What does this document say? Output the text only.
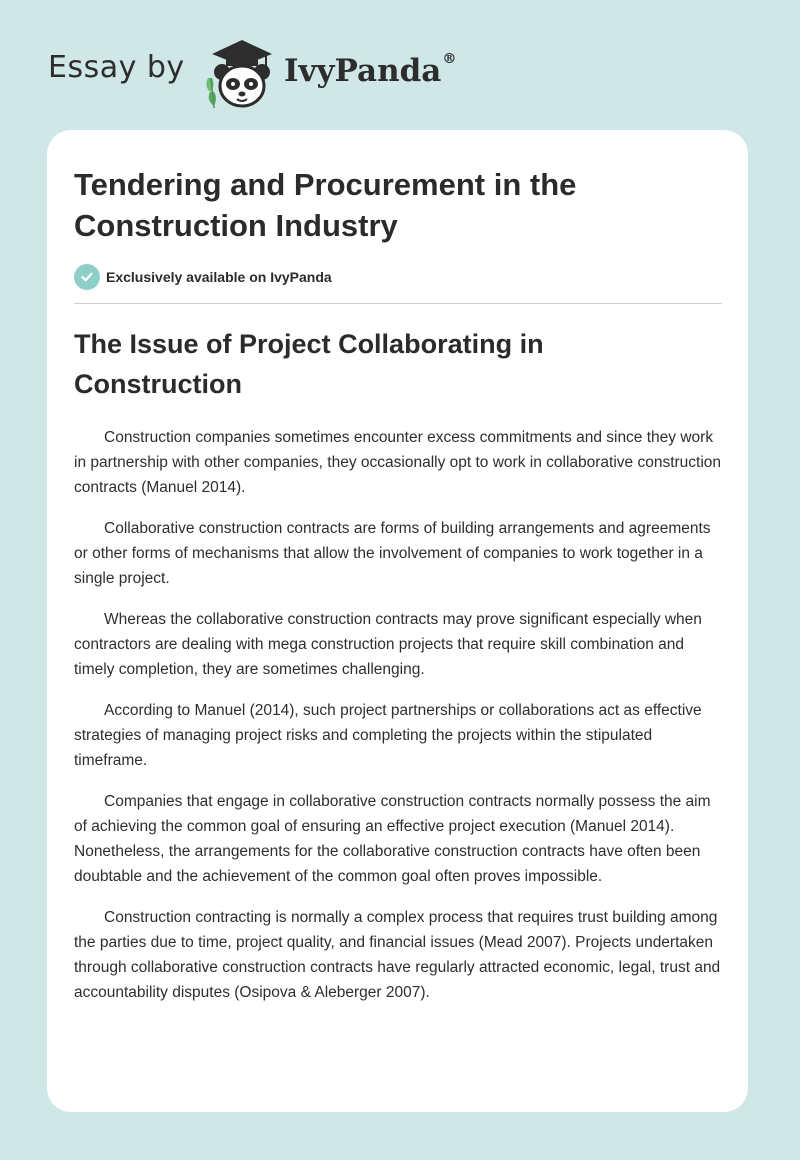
Essay by	IvyPanda®
Tendering and Procurement in the Construction Industry
Exclusively available on IvyPanda
The Issue of Project Collaborating in Construction

Construction companies sometimes encounter excess commitments and since they work in partnership with other companies, they occasionally opt to work in collaborative construction contracts (Manuel 2014).

Collaborative construction contracts are forms of building arrangements and agreements or other forms of mechanisms that allow the involvement of companies to work together in a single project.

Whereas the collaborative construction contracts may prove significant especially when contractors are dealing with mega construction projects that require skill combination and timely completion, they are sometimes challenging.

According to Manuel (2014), such project partnerships or collaborations act as effective strategies of managing project risks and completing the projects within the stipulated timeframe.

Companies that engage in collaborative construction contracts normally possess the aim of achieving the common goal of ensuring an effective project execution (Manuel 2014). Nonetheless, the arrangements for the collaborative construction contracts have often been doubtable and the achievement of the common goal often proves impossible.

Construction contracting is normally a complex process that requires trust building among the parties due to time, project quality, and financial issues (Mead 2007). Projects undertaken through collaborative construction contracts have regularly attracted economic, legal, trust and accountability disputes (Osipova & Aleberger 2007).
